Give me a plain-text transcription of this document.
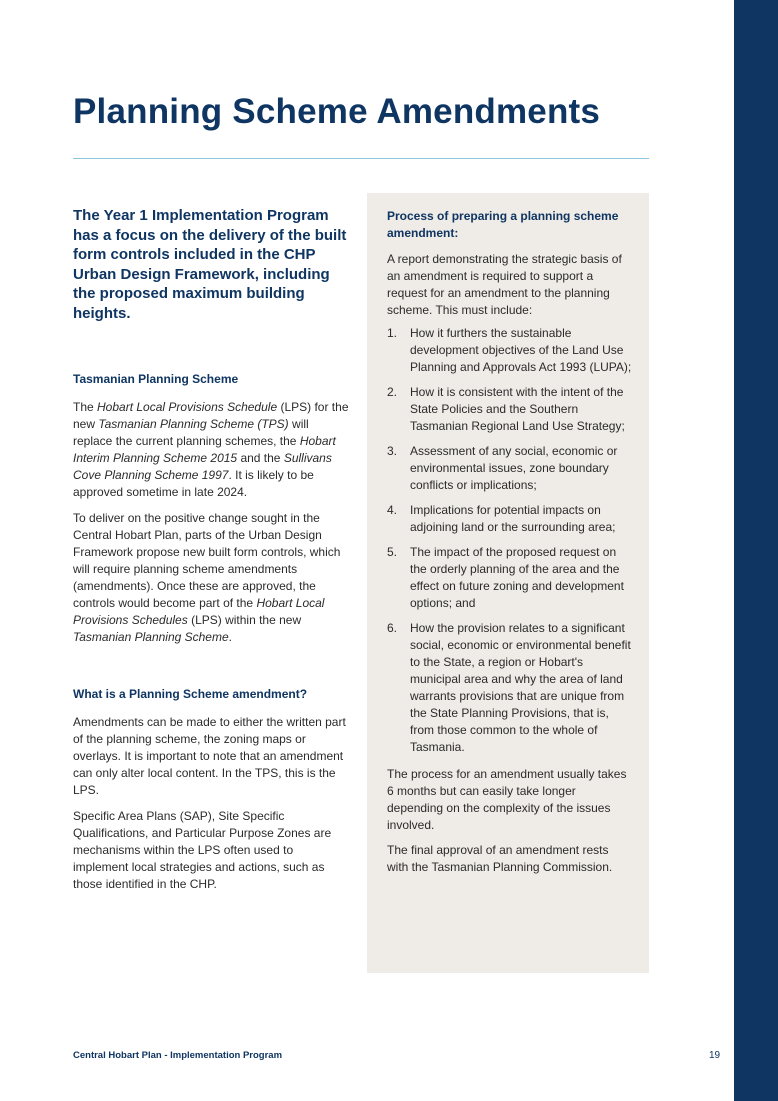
Planning Scheme Amendments

The Year 1 Implementation Program has a focus on the delivery of the built form controls included in the CHP Urban Design Framework, including the proposed maximum building heights.

Tasmanian Planning Scheme

The Hobart Local Provisions Schedule (LPS) for the new Tasmanian Planning Scheme (TPS) will replace the current planning schemes, the Hobart Interim Planning Scheme 2015 and the Sullivans Cove Planning Scheme 1997. It is likely to be approved sometime in late 2024.

To deliver on the positive change sought in the Central Hobart Plan, parts of the Urban Design Framework propose new built form controls, which will require planning scheme amendments (amendments). Once these are approved, the controls would become part of the Hobart Local Provisions Schedules (LPS) within the new Tasmanian Planning Scheme.

What is a Planning Scheme amendment?

Amendments can be made to either the written part of the planning scheme, the zoning maps or overlays. It is important to note that an amendment can only alter local content. In the TPS, this is the LPS.

Specific Area Plans (SAP), Site Specific Qualifications, and Particular Purpose Zones are mechanisms within the LPS often used to implement local strategies and actions, such as those identified in the CHP.

Process of preparing a planning scheme amendment:

A report demonstrating the strategic basis of an amendment is required to support a request for an amendment to the planning scheme. This must include:

1.	How it furthers the sustainable development objectives of the Land Use Planning and Approvals Act 1993 (LUPA);
2.	How it is consistent with the intent of the State Policies and the Southern Tasmanian Regional Land Use Strategy;
3.	Assessment of any social, economic or environmental issues, zone boundary conflicts or implications;
4.	Implications for potential impacts on adjoining land or the surrounding area;
5.	The impact of the proposed request on the orderly planning of the area and the effect on future zoning and development options; and
6.	How the provision relates to a significant social, economic or environmental benefit to the State, a region or Hobart's municipal area and why the area of land warrants provisions that are unique from the State Planning Provisions, that is, from those common to the whole of Tasmania.

The process for an amendment usually takes 6 months but can easily take longer depending on the complexity of the issues involved.

The final approval of an amendment rests with the Tasmanian Planning Commission.

Central Hobart Plan - Implementation Program	19
